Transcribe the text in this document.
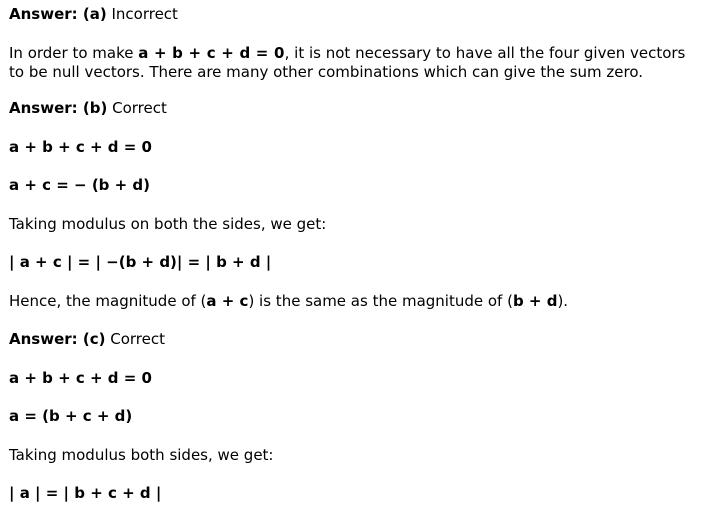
Answer: (a) Incorrect
In order to make a + b + c + d = 0, it is not necessary to have all the four given vectors to be null vectors. There are many other combinations which can give the sum zero.
Answer: (b) Correct
a + b + c + d = 0
a + c = − (b + d)
Taking modulus on both the sides, we get:
| a + c | = | −(b + d)| = | b + d |
Hence, the magnitude of (a + c) is the same as the magnitude of (b + d).
Answer: (c) Correct
a + b + c + d = 0
a = (b + c + d)
Taking modulus both sides, we get:
| a | = | b + c + d |
